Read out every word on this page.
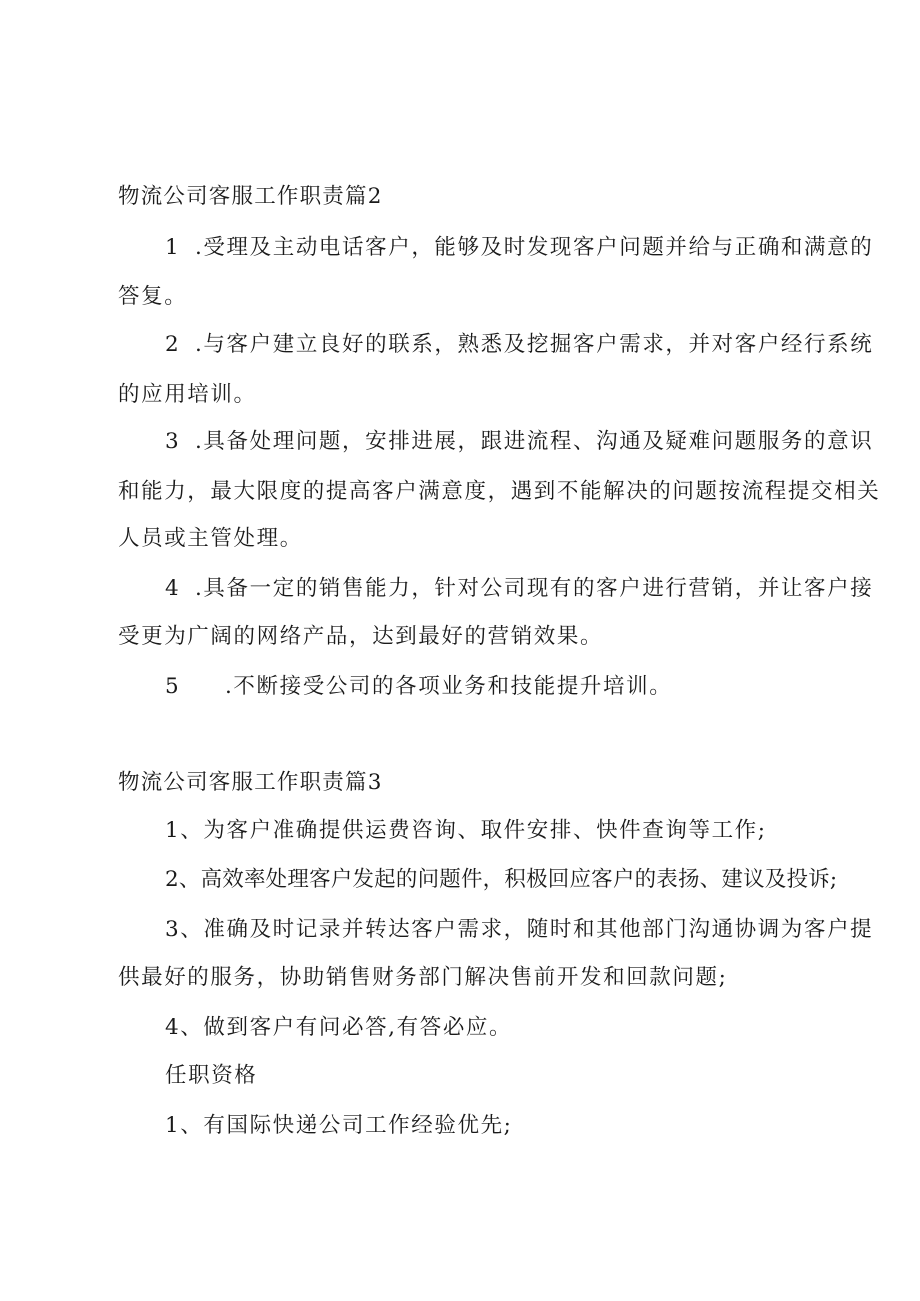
物流公司客服工作职责篇2
1 .受理及主动电话客户，能够及时发现客户问题并给与正确和满意的
答复。
2 .与客户建立良好的联系，熟悉及挖掘客户需求，并对客户经行系统
的应用培训。
3 .具备处理问题，安排进展，跟进流程、沟通及疑难问题服务的意识
和能力，最大限度的提高客户满意度，遇到不能解决的问题按流程提交相关
人员或主管处理。
4 .具备一定的销售能力，针对公司现有的客户进行营销，并让客户接
受更为广阔的网络产品，达到最好的营销效果。
5 .不断接受公司的各项业务和技能提升培训。
物流公司客服工作职责篇3
1、为客户准确提供运费咨询、取件安排、快件查询等工作;
2、高效率处理客户发起的问题件，积极回应客户的表扬、建议及投诉;
3、准确及时记录并转达客户需求，随时和其他部门沟通协调为客户提
供最好的服务，协助销售财务部门解决售前开发和回款问题;
4、做到客户有问必答,有答必应。
任职资格
1、有国际快递公司工作经验优先;
